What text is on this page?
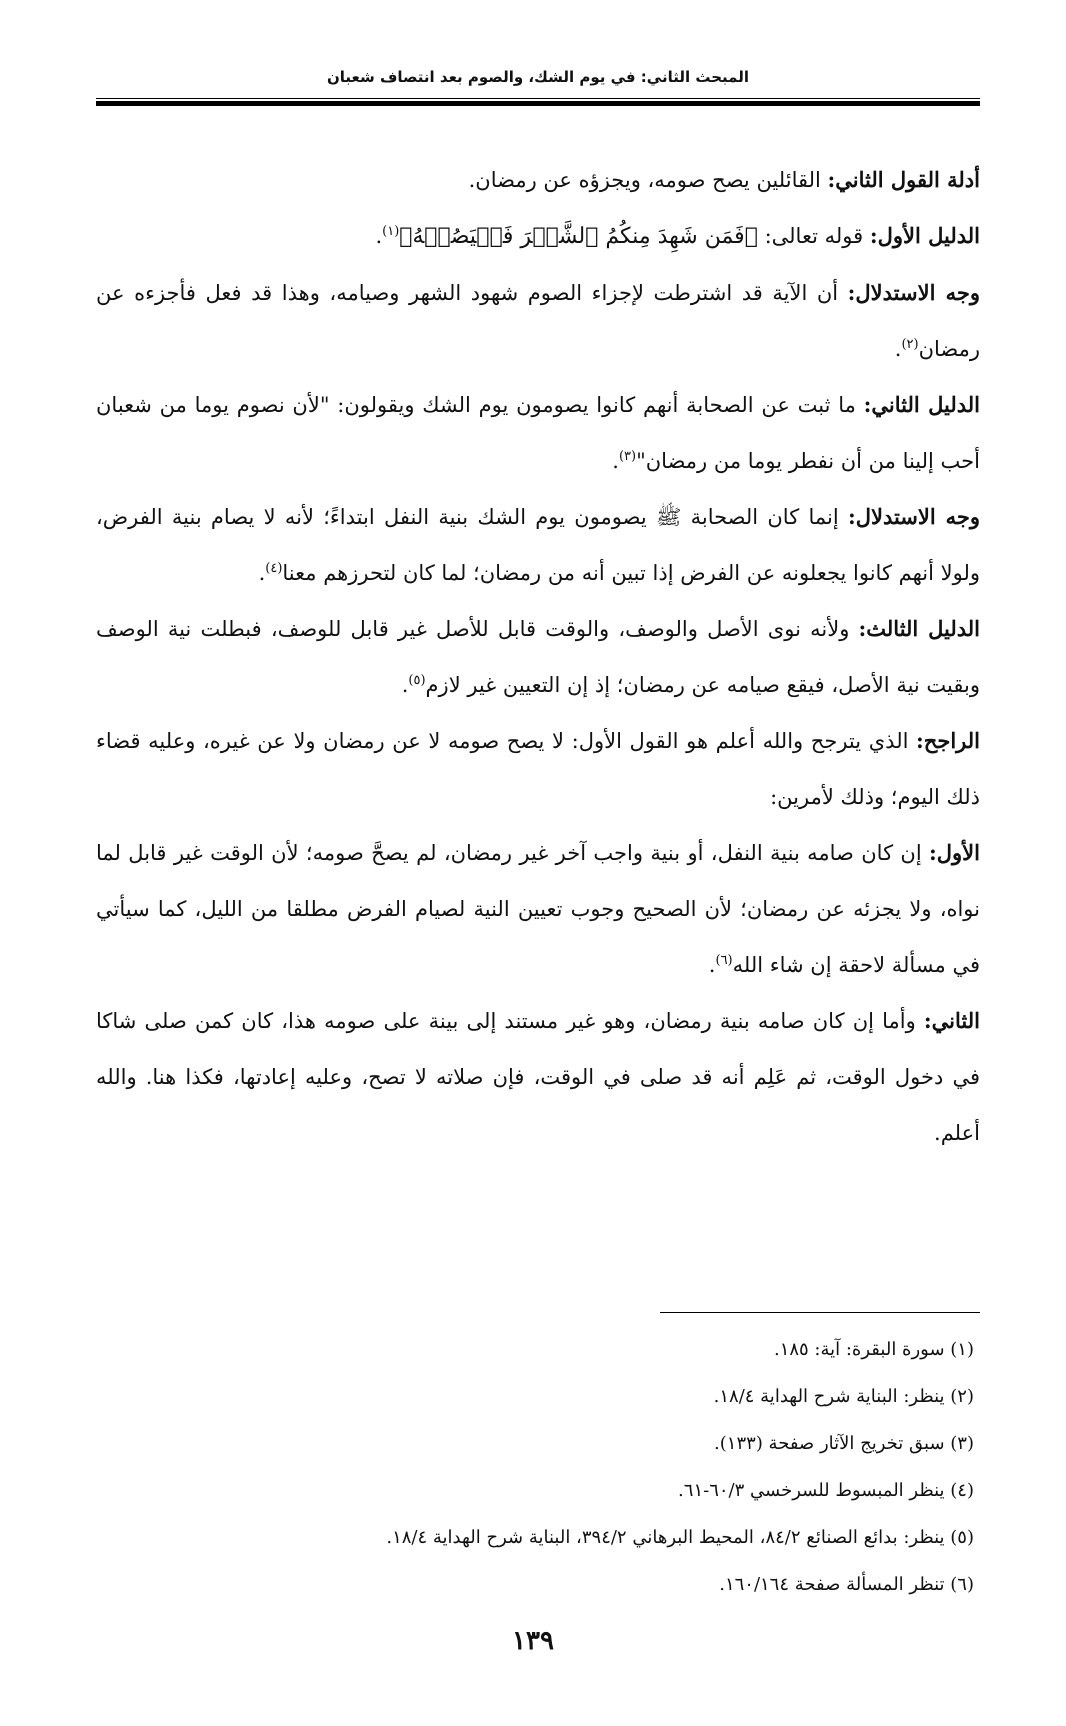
المبحث الثاني: في يوم الشك، والصوم بعد انتصاف شعبان

أدلة القول الثاني: القائلين يصح صومه، ويجزؤه عن رمضان.

الدليل الأول: قوله تعالى: ﴿فَمَن شَهِدَ مِنكُمُ ٱلشَّهۡرَ فَلۡيَصُمۡهُ﴾$^{(١)}$.

وجه الاستدلال: أن الآية قد اشترطت لإجزاء الصوم شهود الشهر وصيامه، وهذا قد فعل فأجزءه عن رمضان$^{(٢)}$.

الدليل الثاني: ما ثبت عن الصحابة أنهم كانوا يصومون يوم الشك ويقولون: "لأن نصوم يوما من شعبان أحب إلينا من أن نفطر يوما من رمضان"$^{(٣)}$.

وجه الاستدلال: إنما كان الصحابة ﷺ يصومون يوم الشك بنية النفل ابتداءً؛ لأنه لا يصام بنية الفرض، ولولا أنهم كانوا يجعلونه عن الفرض إذا تبين أنه من رمضان؛ لما كان لتحرزهم معنا$^{(٤)}$.

الدليل الثالث: ولأنه نوى الأصل والوصف، والوقت قابل للأصل غير قابل للوصف، فبطلت نية الوصف وبقيت نية الأصل، فيقع صيامه عن رمضان؛ إذ إن التعيين غير لازم$^{(٥)}$.

الراجح: الذي يترجح والله أعلم هو القول الأول: لا يصح صومه لا عن رمضان ولا عن غيره، وعليه قضاء ذلك اليوم؛ وذلك لأمرين:

الأول: إن كان صامه بنية النفل، أو بنية واجب آخر غير رمضان، لم يصحَّ صومه؛ لأن الوقت غير قابل لما نواه، ولا يجزئه عن رمضان؛ لأن الصحيح وجوب تعيين النية لصيام الفرض مطلقا من الليل، كما سيأتي في مسألة لاحقة إن شاء الله$^{(٦)}$.

الثاني: وأما إن كان صامه بنية رمضان، وهو غير مستند إلى بينة على صومه هذا، كان كمن صلى شاكا في دخول الوقت، ثم عَلِم أنه قد صلى في الوقت، فإن صلاته لا تصح، وعليه إعادتها، فكذا هنا. والله أعلم.

(١) سورة البقرة: آية: ١٨٥.

(٢) ينظر: البناية شرح الهداية ١٨/٤.

(٣) سبق تخريج الآثار صفحة (١٣٣).

(٤) ينظر المبسوط للسرخسي ٦٠/٣-٦١.

(٥) ينظر: بدائع الصنائع ٨٤/٢، المحيط البرهاني ٣٩٤/٢، البناية شرح الهداية ١٨/٤.

(٦) تنظر المسألة صفحة ١٦٠/١٦٤.

١٣٩
